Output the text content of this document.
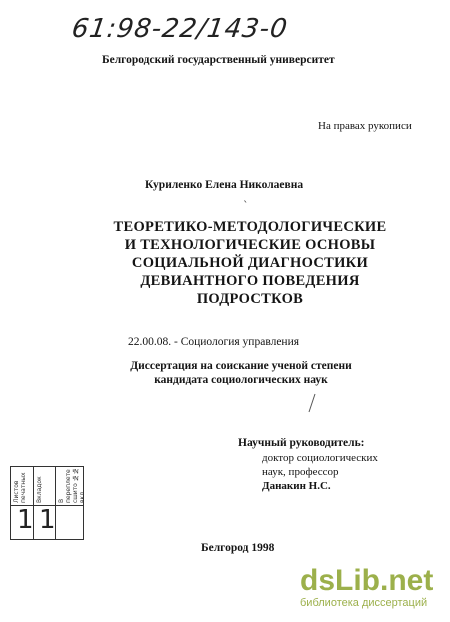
61:98-22/143-0
Белгородский государственный университет
На правах рукописи
Куриленко Елена Николаевна
ˎ
ТЕОРЕТИКО-МЕТОДОЛОГИЧЕСКИЕ
И ТЕХНОЛОГИЧЕСКИЕ ОСНОВЫ
СОЦИАЛЬНОЙ ДИАГНОСТИКИ
ДЕВИАНТНОГО ПОВЕДЕНИЯ
ПОДРОСТКОВ
22.00.08. - Социология управления
Диссертация на соискание ученой степени
кандидата социологических наук
Научный руководитель:
доктор социологических
наук, профессор
Данакин Н.С.
Листов печатных	Вкладок	В переплете сшито №№ вкл.
1 1
Белгород 1998
dsLib.net
библиотека диссертаций
